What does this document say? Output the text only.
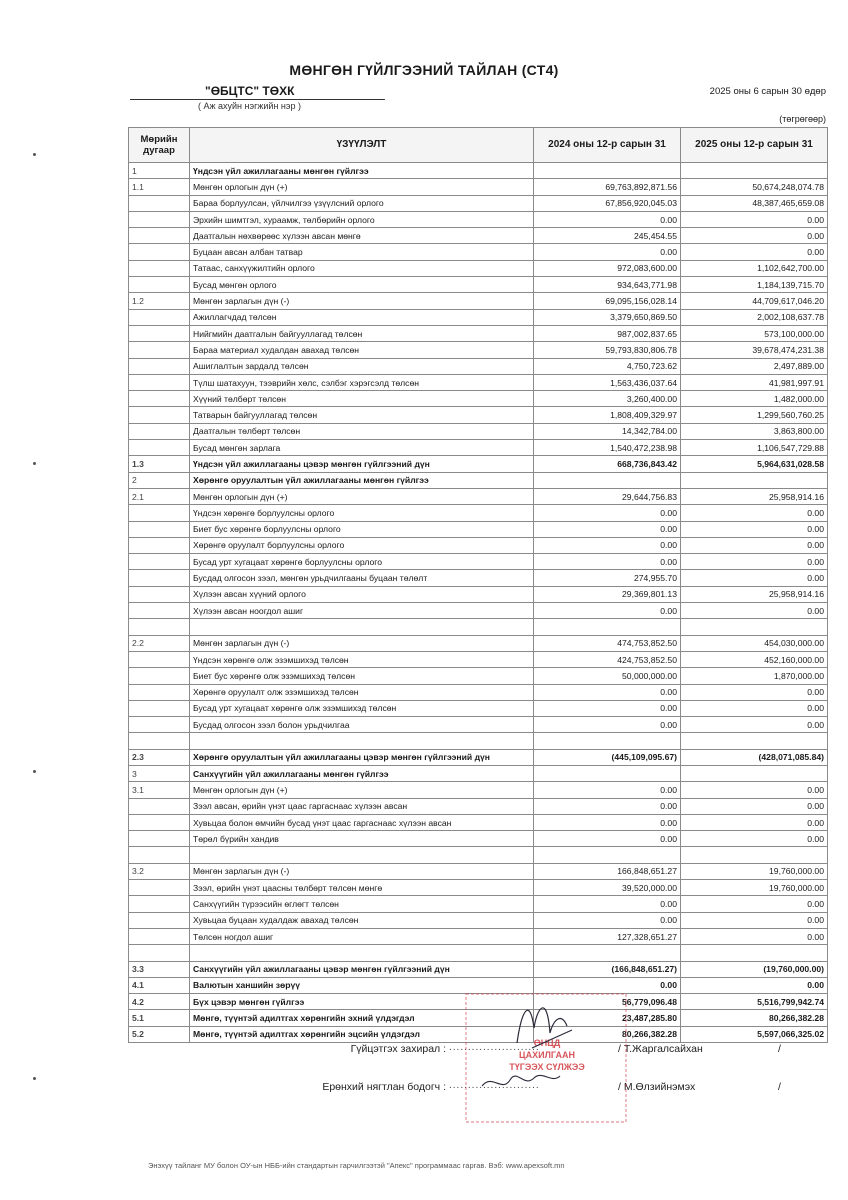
МӨНГӨН ГҮЙЛГЭЭНИЙ ТАЙЛАН (СТ4)
"ӨБЦТС" ТӨХК
( Аж ахуйн нэгжийн нэр )
2025 оны 6 сарын 30 өдөр
(төгрөгөөр)
Мөрийн дугаар	ҮЗҮҮЛЭЛТ	2024 оны 12-р сарын 31	2025 оны 12-р сарын 31
1	Үндсэн үйл ажиллагааны мөнгөн гүйлгээ		
1.1	Мөнгөн орлогын дүн (+)	69,763,892,871.56	50,674,248,074.78
	Бараа борлуулсан, үйлчилгээ үзүүлсний орлого	67,856,920,045.03	48,387,465,659.08
	Эрхийн шимтгэл, хураамж, төлбөрийн орлого	0.00	0.00
	Даатгалын нөхвөрөөс хүлээн авсан мөнгө	245,454.55	0.00
	Буцаан авсан албан татвар	0.00	0.00
	Татаас, санхүүжилтийн орлого	972,083,600.00	1,102,642,700.00
	Бусад мөнгөн орлого	934,643,771.98	1,184,139,715.70
1.2	Мөнгөн зарлагын дүн (-)	69,095,156,028.14	44,709,617,046.20
	Ажиллагчдад төлсөн	3,379,650,869.50	2,002,108,637.78
	Нийгмийн даатгалын байгууллагад төлсөн	987,002,837.65	573,100,000.00
	Бараа материал худалдан авахад төлсөн	59,793,830,806.78	39,678,474,231.38
	Ашиглалтын зардалд төлсөн	4,750,723.62	2,497,889.00
	Түлш шатахуун, тээврийн хөлс, сэлбэг хэрэгсэлд төлсөн	1,563,436,037.64	41,981,997.91
	Хүүний төлбөрт төлсөн	3,260,400.00	1,482,000.00
	Татварын байгууллагад төлсөн	1,808,409,329.97	1,299,560,760.25
	Даатгалын төлбөрт төлсөн	14,342,784.00	3,863,800.00
	Бусад мөнгөн зарлага	1,540,472,238.98	1,106,547,729.88
1.3	Үндсэн үйл ажиллагааны цэвэр мөнгөн гүйлгээний дүн	668,736,843.42	5,964,631,028.58
2	Хөрөнгө оруулалтын үйл ажиллагааны мөнгөн гүйлгээ		
2.1	Мөнгөн орлогын дүн (+)	29,644,756.83	25,958,914.16
	Үндсэн хөрөнгө борлуулсны орлого	0.00	0.00
	Биет бус хөрөнгө борлуулсны орлого	0.00	0.00
	Хөрөнгө оруулалт борлуулсны орлого	0.00	0.00
	Бусад урт хугацаат хөрөнгө борлуулсны орлого	0.00	0.00
	Бусдад олгосон зээл, мөнгөн урьдчилгааны буцаан төлөлт	274,955.70	0.00
	Хүлээн авсан хүүний орлого	29,369,801.13	25,958,914.16
	Хүлээн авсан ноогдол ашиг	0.00	0.00

2.2	Мөнгөн зарлагын дүн (-)	474,753,852.50	454,030,000.00
	Үндсэн хөрөнгө олж эзэмшихэд төлсөн	424,753,852.50	452,160,000.00
	Биет бус хөрөнгө олж эзэмшихэд төлсөн	50,000,000.00	1,870,000.00
	Хөрөнгө оруулалт олж эзэмшихэд төлсөн	0.00	0.00
	Бусад урт хугацаат хөрөнгө олж эзэмшихэд төлсөн	0.00	0.00
	Бусдад олгосон зээл болон урьдчилгаа	0.00	0.00

2.3	Хөрөнгө оруулалтын үйл ажиллагааны цэвэр мөнгөн гүйлгээний дүн	(445,109,095.67)	(428,071,085.84)
3	Санхүүгийн үйл ажиллагааны мөнгөн гүйлгээ		
3.1	Мөнгөн орлогын дүн (+)	0.00	0.00
	Зээл авсан, өрийн үнэт цаас гаргаснаас хүлээн авсан	0.00	0.00
	Хувьцаа болон өмчийн бусад үнэт цаас гаргаснаас хүлээн авсан	0.00	0.00
	Төрөл бүрийн хандив	0.00	0.00

3.2	Мөнгөн зарлагын дүн (-)	166,848,651.27	19,760,000.00
	Зээл, өрийн үнэт цаасны төлбөрт төлсөн мөнгө	39,520,000.00	19,760,000.00
	Санхүүгийн түрээсийн өглөгт төлсөн	0.00	0.00
	Хувьцаа буцаан худалдаж авахад төлсөн	0.00	0.00
	Төлсөн ногдол ашиг	127,328,651.27	0.00

3.3	Санхүүгийн үйл ажиллагааны цэвэр мөнгөн гүйлгээний дүн	(166,848,651.27)	(19,760,000.00)
4.1	Валютын ханшийн зөрүү	0.00	0.00
4.2	Бүх цэвэр мөнгөн гүйлгээ	56,779,096.48	5,516,799,942.74
5.1	Мөнгө, түүнтэй адилтгах хөрөнгийн эхний үлдэгдэл	23,487,285.80	80,266,382.28
5.2	Мөнгө, түүнтэй адилтгах хөрөнгийн эцсийн үлдэгдэл	80,266,382.28	5,597,066,325.02
Гүйцэтгэх захирал : ........................	/ Т.Жаргалсайхан	/
Ерөнхий нягтлан бодогч : ........................	/ М.Өлзийнэмэх	/
ӨНЦД
ЦАХИЛГААН
ТҮГЭЭХ СҮЛЖЭЭ
Энэхүү тайланг МУ болон ОУ-ын НББ-ийн стандартын гарчилгээтэй "Апекс" программаас гаргав. Вэб: www.apexsoft.mn
